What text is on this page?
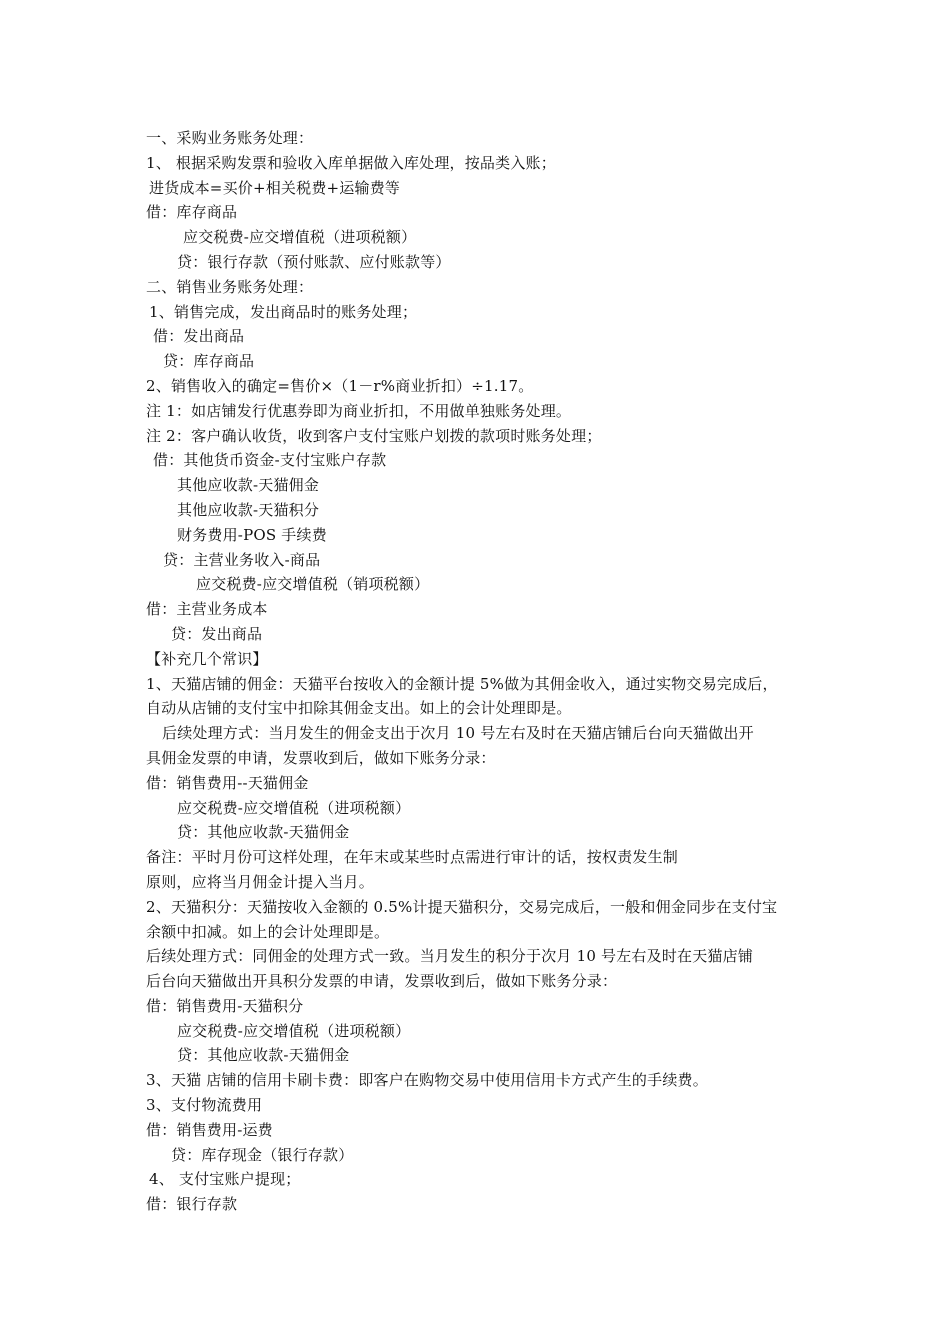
一、采购业务账务处理：
1、 根据采购发票和验收入库单据做入库处理，按品类入账；
进货成本=买价+相关税费+运输费等
借：库存商品
应交税费-应交增值税（进项税额）
贷：银行存款（预付账款、应付账款等）
二、销售业务账务处理：
1、销售完成，发出商品时的账务处理；
借：发出商品
贷：库存商品
2、销售收入的确定=售价×（1－r%商业折扣）÷1.17。
注 1：如店铺发行优惠券即为商业折扣，不用做单独账务处理。
注 2：客户确认收货，收到客户支付宝账户划拨的款项时账务处理；
借：其他货币资金-支付宝账户存款
其他应收款-天猫佣金
其他应收款-天猫积分
财务费用-POS 手续费
贷：主营业务收入-商品
应交税费-应交增值税（销项税额）
借：主营业务成本
贷：发出商品
【补充几个常识】
1、天猫店铺的佣金：天猫平台按收入的金额计提 5%做为其佣金收入，通过实物交易完成后，
自动从店铺的支付宝中扣除其佣金支出。如上的会计处理即是。
后续处理方式：当月发生的佣金支出于次月 10 号左右及时在天猫店铺后台向天猫做出开
具佣金发票的申请，发票收到后，做如下账务分录：
借：销售费用--天猫佣金
应交税费-应交增值税（进项税额）
贷：其他应收款-天猫佣金
备注：平时月份可这样处理，在年末或某些时点需进行审计的话，按权责发生制
原则，应将当月佣金计提入当月。
2、天猫积分：天猫按收入金额的 0.5%计提天猫积分，交易完成后，一般和佣金同步在支付宝
余额中扣减。如上的会计处理即是。
后续处理方式：同佣金的处理方式一致。当月发生的积分于次月 10 号左右及时在天猫店铺
后台向天猫做出开具积分发票的申请，发票收到后，做如下账务分录：
借：销售费用-天猫积分
应交税费-应交增值税（进项税额）
贷：其他应收款-天猫佣金
3、天猫 店铺的信用卡刷卡费：即客户在购物交易中使用信用卡方式产生的手续费。
3、支付物流费用
借：销售费用-运费
贷：库存现金（银行存款）
4、 支付宝账户提现；
借：银行存款
